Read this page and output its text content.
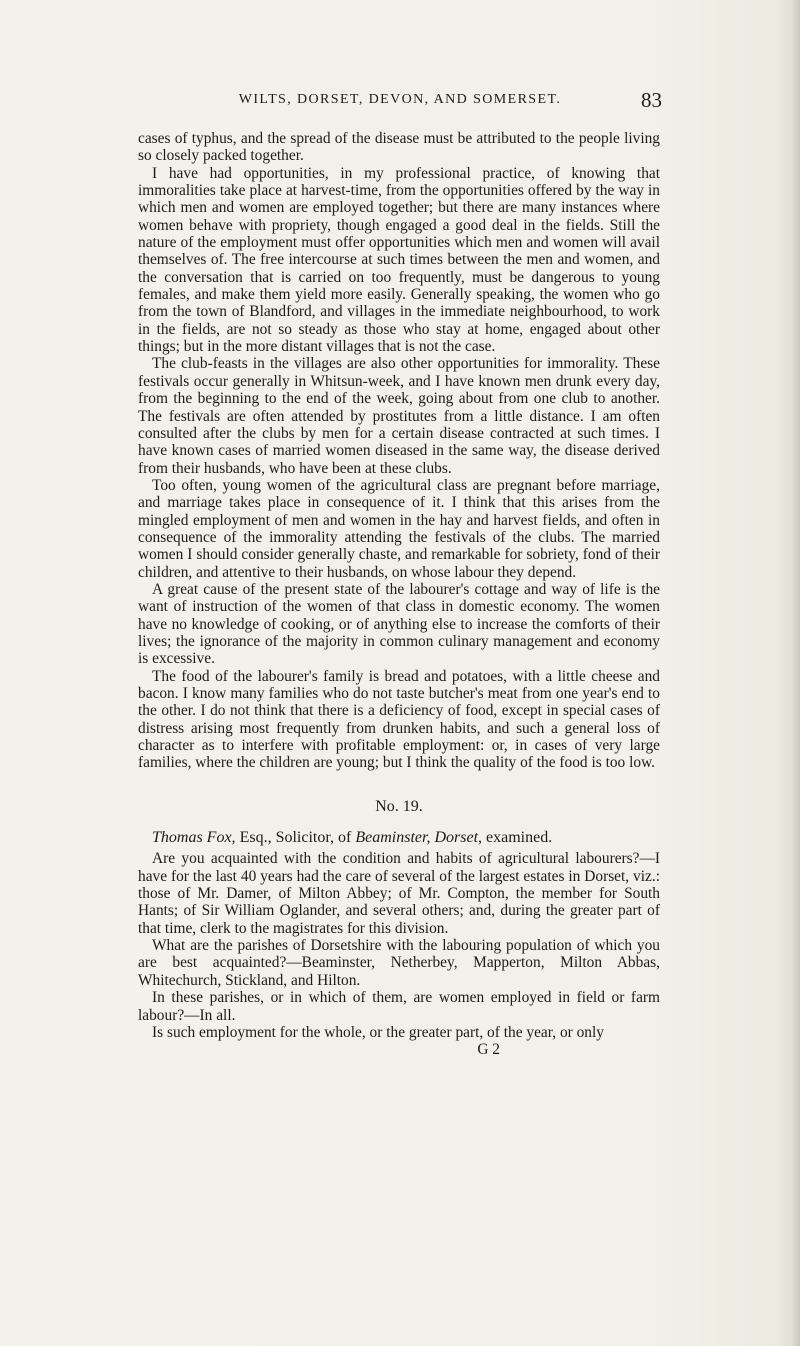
WILTS, DORSET, DEVON, AND SOMERSET.	83

cases of typhus, and the spread of the disease must be attributed to the people living so closely packed together.

I have had opportunities, in my professional practice, of knowing that immoralities take place at harvest-time, from the opportunities offered by the way in which men and women are employed together; but there are many instances where women behave with propriety, though engaged a good deal in the fields. Still the nature of the employment must offer opportunities which men and women will avail themselves of. The free intercourse at such times between the men and women, and the conversation that is carried on too frequently, must be dangerous to young females, and make them yield more easily. Generally speaking, the women who go from the town of Blandford, and villages in the immediate neighbourhood, to work in the fields, are not so steady as those who stay at home, engaged about other things; but in the more distant villages that is not the case.

The club-feasts in the villages are also other opportunities for immorality. These festivals occur generally in Whitsun-week, and I have known men drunk every day, from the beginning to the end of the week, going about from one club to another. The festivals are often attended by prostitutes from a little distance. I am often consulted after the clubs by men for a certain disease contracted at such times. I have known cases of married women diseased in the same way, the disease derived from their husbands, who have been at these clubs.

Too often, young women of the agricultural class are pregnant before marriage, and marriage takes place in consequence of it. I think that this arises from the mingled employment of men and women in the hay and harvest fields, and often in consequence of the immorality attending the festivals of the clubs. The married women I should consider generally chaste, and remarkable for sobriety, fond of their children, and attentive to their husbands, on whose labour they depend.

A great cause of the present state of the labourer's cottage and way of life is the want of instruction of the women of that class in domestic economy. The women have no knowledge of cooking, or of anything else to increase the comforts of their lives; the ignorance of the majority in common culinary management and economy is excessive.

The food of the labourer's family is bread and potatoes, with a little cheese and bacon. I know many families who do not taste butcher's meat from one year's end to the other. I do not think that there is a deficiency of food, except in special cases of distress arising most frequently from drunken habits, and such a general loss of character as to interfere with profitable employment: or, in cases of very large families, where the children are young; but I think the quality of the food is too low.

No. 19.

Thomas Fox, Esq., Solicitor, of Beaminster, Dorset, examined.

Are you acquainted with the condition and habits of agricultural labourers?—I have for the last 40 years had the care of several of the largest estates in Dorset, viz.: those of Mr. Damer, of Milton Abbey; of Mr. Compton, the member for South Hants; of Sir William Oglander, and several others; and, during the greater part of that time, clerk to the magistrates for this division.

What are the parishes of Dorsetshire with the labouring population of which you are best acquainted?—Beaminster, Netherbey, Mapperton, Milton Abbas, Whitechurch, Stickland, and Hilton.

In these parishes, or in which of them, are women employed in field or farm labour?—In all.

Is such employment for the whole, or the greater part, of the year, or only

G 2
